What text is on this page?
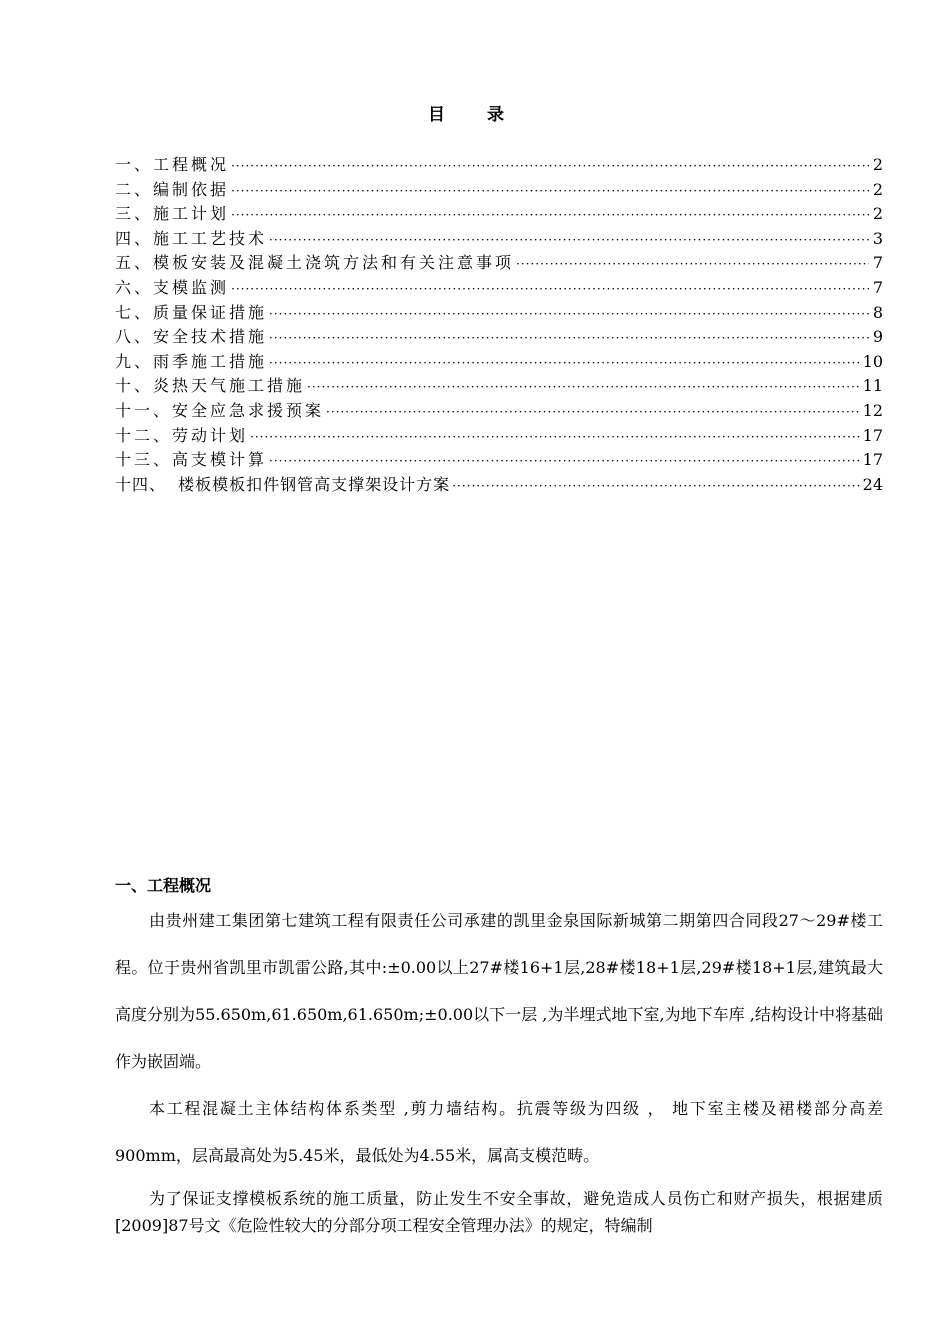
目 录
一、工程概况 ·····	2
二、编制依据 ·····	2
三、施工计划 ·····	2
四、施工工艺技术 ·····	3
五、模板安装及混凝土浇筑方法和有关注意事项 ·····	7
六、支模监测 ·····	7
七、质量保证措施 ·····	8
八、安全技术措施 ·····	9
九、雨季施工措施 ·····	10
十、炎热天气施工措施 ·····	11
十一、安全应急求援预案 ·····	12
十二、劳动计划 ·····	17
十三、高支模计算 ·····	17
十四、  楼板模板扣件钢管高支撑架设计方案 ·····	24
一、工程概况
由贵州建工集团第七建筑工程有限责任公司承建的凯里金泉国际新城第二期第四合同段27～29#楼工程。位于贵州省凯里市凯雷公路,其中:±0.00以上27#楼16+1层,28#楼18+1层,29#楼18+1层,建筑最大高度分别为55.650m,61.650m,61.650m;±0.00以下一层 ,为半埋式地下室,为地下车库 ,结构设计中将基础作为嵌固端。
本工程混凝土主体结构体系类型 ,剪力墙结构。抗震等级为四级 ， 地下室主楼及裙楼部分高差900mm，层高最高处为5.45米，最低处为4.55米，属高支模范畴。
为了保证支撑模板系统的施工质量，防止发生不安全事故，避免造成人员伤亡和财产损失，根据建质[2009]87号文《危险性较大的分部分项工程安全管理办法》的规定，特编制
